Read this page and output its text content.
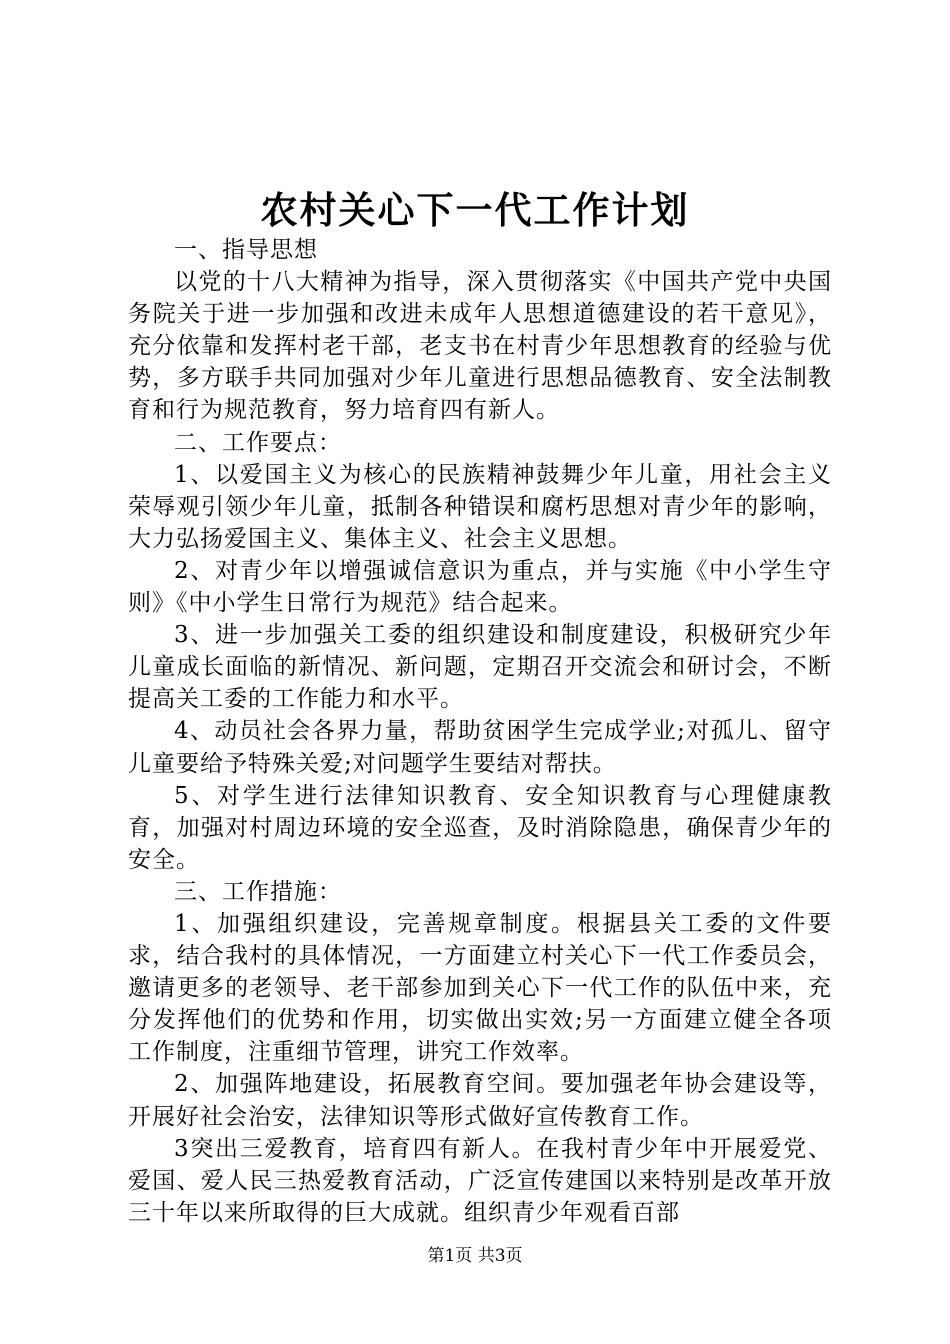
农村关心下一代工作计划

一、指导思想

以党的十八大精神为指导，深入贯彻落实《中国共产党中央国务院关于进一步加强和改进未成年人思想道德建设的若干意见》，充分依靠和发挥村老干部，老支书在村青少年思想教育的经验与优势，多方联手共同加强对少年儿童进行思想品德教育、安全法制教育和行为规范教育，努力培育四有新人。

二、工作要点：

1、以爱国主义为核心的民族精神鼓舞少年儿童，用社会主义荣辱观引领少年儿童，抵制各种错误和腐朽思想对青少年的影响，大力弘扬爱国主义、集体主义、社会主义思想。

2、对青少年以增强诚信意识为重点，并与实施《中小学生守则》《中小学生日常行为规范》结合起来。

3、进一步加强关工委的组织建设和制度建设，积极研究少年儿童成长面临的新情况、新问题，定期召开交流会和研讨会，不断提高关工委的工作能力和水平。

4、动员社会各界力量，帮助贫困学生完成学业;对孤儿、留守儿童要给予特殊关爱;对问题学生要结对帮扶。

5、对学生进行法律知识教育、安全知识教育与心理健康教育，加强对村周边环境的安全巡查，及时消除隐患，确保青少年的安全。

三、工作措施：

1、加强组织建设，完善规章制度。根据县关工委的文件要求，结合我村的具体情况，一方面建立村关心下一代工作委员会，邀请更多的老领导、老干部参加到关心下一代工作的队伍中来，充分发挥他们的优势和作用，切实做出实效;另一方面建立健全各项工作制度，注重细节管理，讲究工作效率。

2、加强阵地建设，拓展教育空间。要加强老年协会建设等，开展好社会治安，法律知识等形式做好宣传教育工作。

3突出三爱教育，培育四有新人。在我村青少年中开展爱党、爱国、爱人民三热爱教育活动，广泛宣传建国以来特别是改革开放三十年以来所取得的巨大成就。组织青少年观看百部

第1页 共3页
